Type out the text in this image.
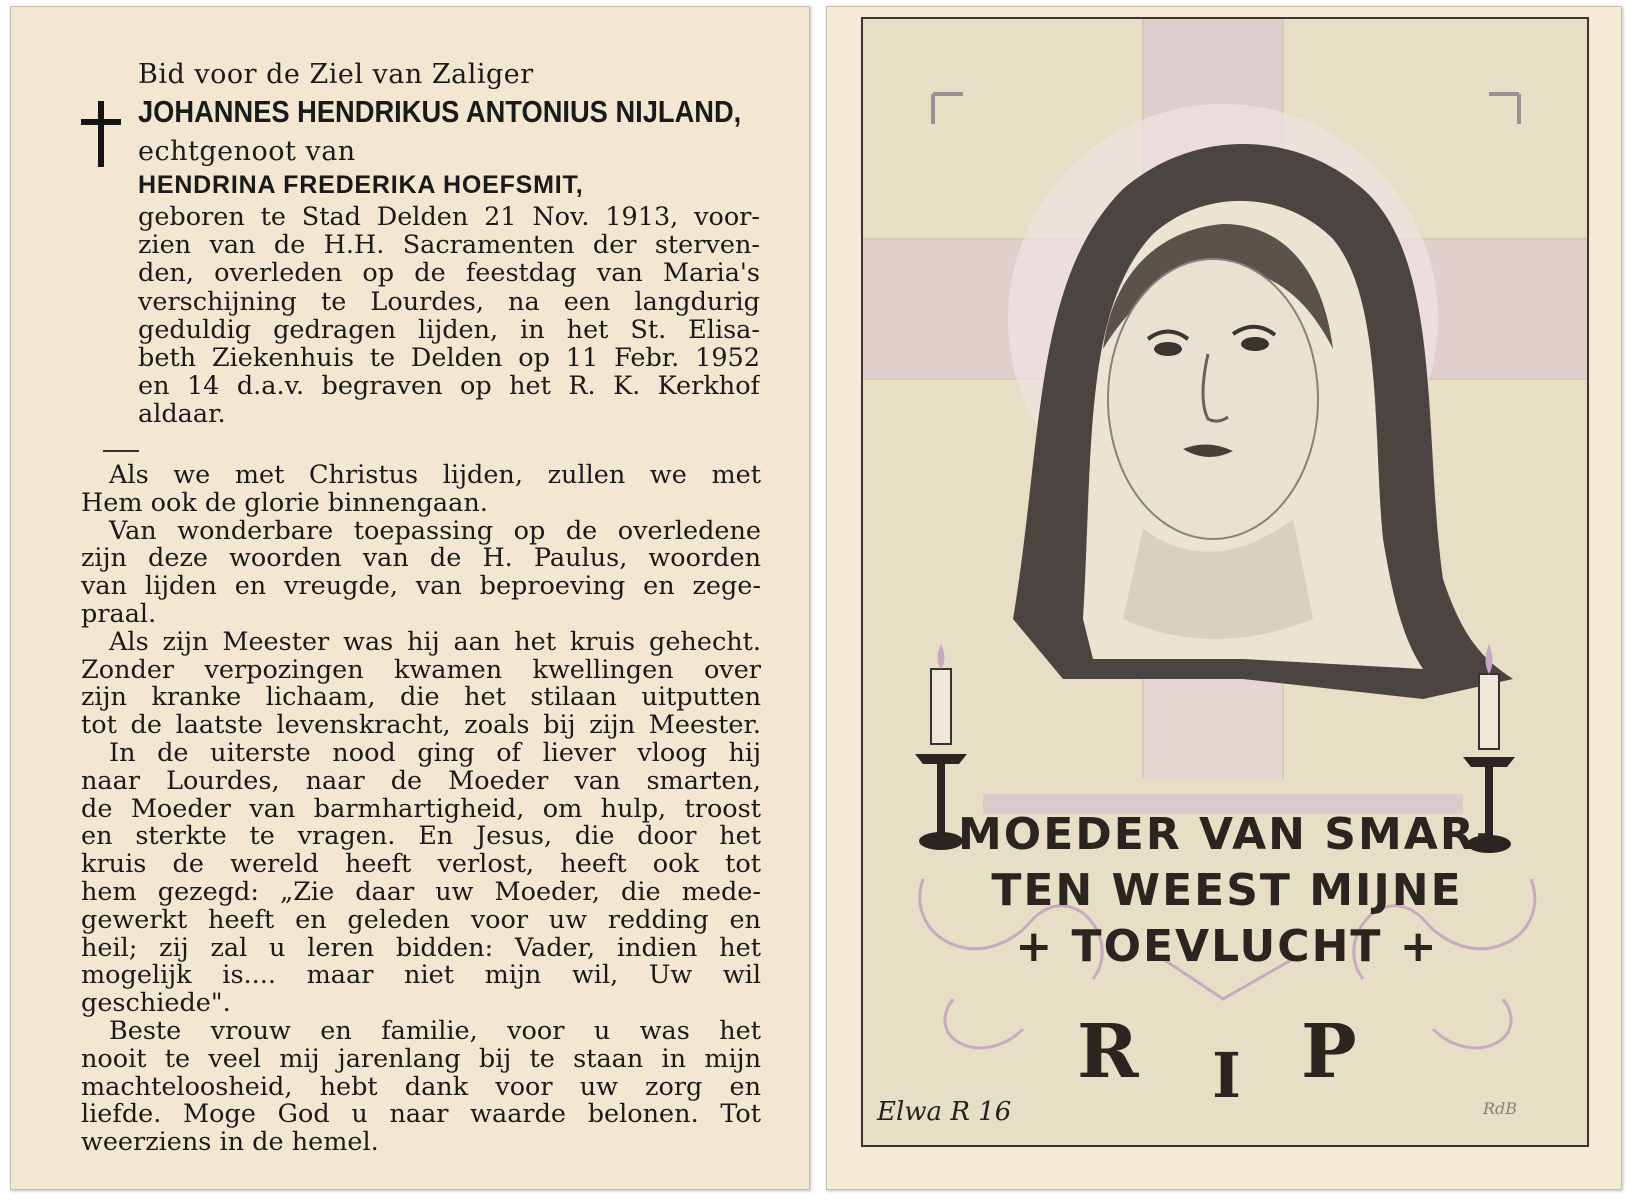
Bid voor de Ziel van Zaliger

JOHANNES HENDRIKUS ANTONIUS NIJLAND,

echtgenoot van

HENDRINA FREDERIKA HOEFSMIT,

geboren te Stad Delden 21 Nov. 1913, voor-
zien van de H.H. Sacramenten der sterven-
den, overleden op de feestdag van Maria's
verschijning te Lourdes, na een langdurig
geduldig gedragen lijden, in het St. Elisa-
beth Ziekenhuis te Delden op 11 Febr. 1952
en 14 d.a.v. begraven op het R. K. Kerkhof
aldaar.
Als we met Christus lijden, zullen we met
Hem ook de glorie binnengaan.
Van wonderbare toepassing op de overledene
zijn deze woorden van de H. Paulus, woorden
van lijden en vreugde, van beproeving en zege-
praal.
Als zijn Meester was hij aan het kruis gehecht.
Zonder verpozingen kwamen kwellingen over
zijn kranke lichaam, die het stilaan uitputten
tot de laatste levenskracht, zoals bij zijn Meester.
In de uiterste nood ging of liever vloog hij
naar Lourdes, naar de Moeder van smarten,
de Moeder van barmhartigheid, om hulp, troost
en sterkte te vragen. En Jesus, die door het
kruis de wereld heeft verlost, heeft ook tot
hem gezegd: „Zie daar uw Moeder, die mede-
gewerkt heeft en geleden voor uw redding en
heil; zij zal u leren bidden: Vader, indien het
mogelijk is.... maar niet mijn wil, Uw wil
geschiede".
Beste vrouw en familie, voor u was het
nooit te veel mij jarenlang bij te staan in mijn
machteloosheid, hebt dank voor uw zorg en
liefde. Moge God u naar waarde belonen. Tot
weerziens in de hemel.

MOEDER VAN SMAR-

TEN WEEST MIJNE

+ TOEVLUCHT +

R I P

Elwa R 16	RdB
